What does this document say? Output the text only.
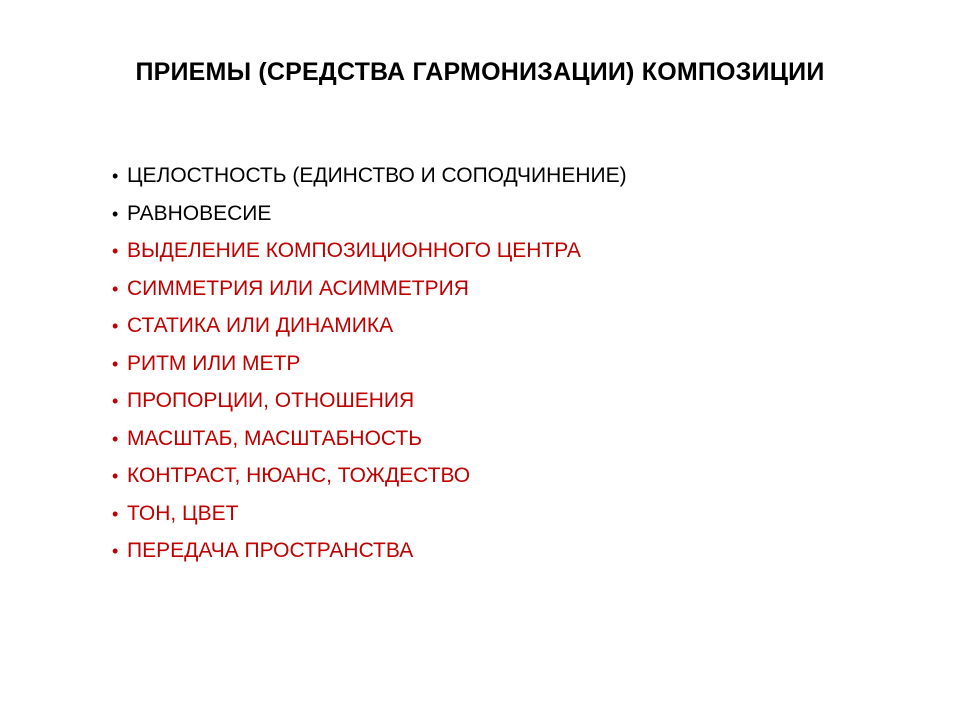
ПРИЕМЫ (СРЕДСТВА ГАРМОНИЗАЦИИ) КОМПОЗИЦИИ
• ЦЕЛОСТНОСТЬ (ЕДИНСТВО И СОПОДЧИНЕНИЕ)
• РАВНОВЕСИЕ
• ВЫДЕЛЕНИЕ КОМПОЗИЦИОННОГО ЦЕНТРА
• СИММЕТРИЯ ИЛИ АСИММЕТРИЯ
• СТАТИКА ИЛИ ДИНАМИКА
• РИТМ ИЛИ МЕТР
• ПРОПОРЦИИ, ОТНОШЕНИЯ
• МАСШТАБ, МАСШТАБНОСТЬ
• КОНТРАСТ, НЮАНС, ТОЖДЕСТВО
• ТОН, ЦВЕТ
• ПЕРЕДАЧА ПРОСТРАНСТВА
